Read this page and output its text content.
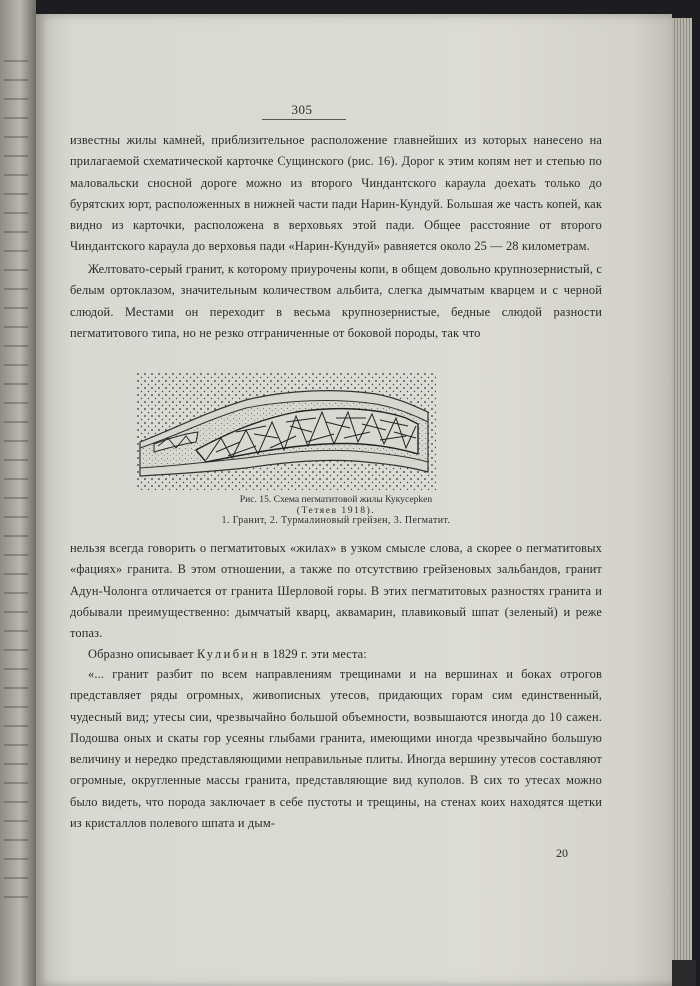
305

известны жилы камней, приблизительное расположение главнейших из которых нанесено на прилагаемой схематической карточке Сущинского (рис. 16). Дорог к этим копям нет и степью по маловальски сносной дороге можно из второго Чиндантского караула доехать только до бурятских юрт, расположенных в нижней части пади Нарин-Кундуй. Большая же часть копей, как видно из карточки, расположена в верховьях этой пади. Общее расстояние от второго Чиндантского караула до верховья пади «Нарин-Кундуй» равняется около 25 — 28 километрам.

Желтовато-серый гранит, к которому приурочены копи, в общем довольно крупнозернистый, с белым ортоклазом, значительным количеством альбита, слегка дымчатым кварцем и с черной слюдой. Местами он переходит в весьма крупнозернистые, бедные слюдой разности пегматитового типа, но не резко отграниченные от боковой породы, так что

Рис. 15. Схема пегматитовой жилы Кукусерken
(Тетяев 1918).
1. Гранит, 2. Турмалиновый грейзен, 3. Пегматит.

нельзя всегда говорить о пегматитовых «жилах» в узком смысле слова, а скорее о пегматитовых «фациях» гранита. В этом отношении, а также по отсутствию грейзеновых зальбандов, гранит Адун-Чолонга отличается от гранита Шерловой горы. В этих пегматитовых разностях гранита и добывали преимущественно: дымчатый кварц, аквамарин, плавиковый шпат (зеленый) и реже топаз.

Образно описывает Кулибин в 1829 г. эти места:

«... гранит разбит по всем направлениям трещинами и на вершинах и боках отрогов представляет ряды огромных, живописных утесов, придающих горам сим единственный, чудесный вид; утесы сии, чрезвычайно большой объемности, возвышаются иногда до 10 сажен. Подошва оных и скаты гор усеяны глыбами гранита, имеющими иногда чрезвычайно большую величину и нередко представляющими неправильные плиты. Иногда вершину утесов составляют огромные, округленные массы гранита, представляющие вид куполов. В сих то утесах можно было видеть, что порода заключает в себе пустоты и трещины, на стенах коих находятся щетки из кристаллов полевого шпата и дым-

20
